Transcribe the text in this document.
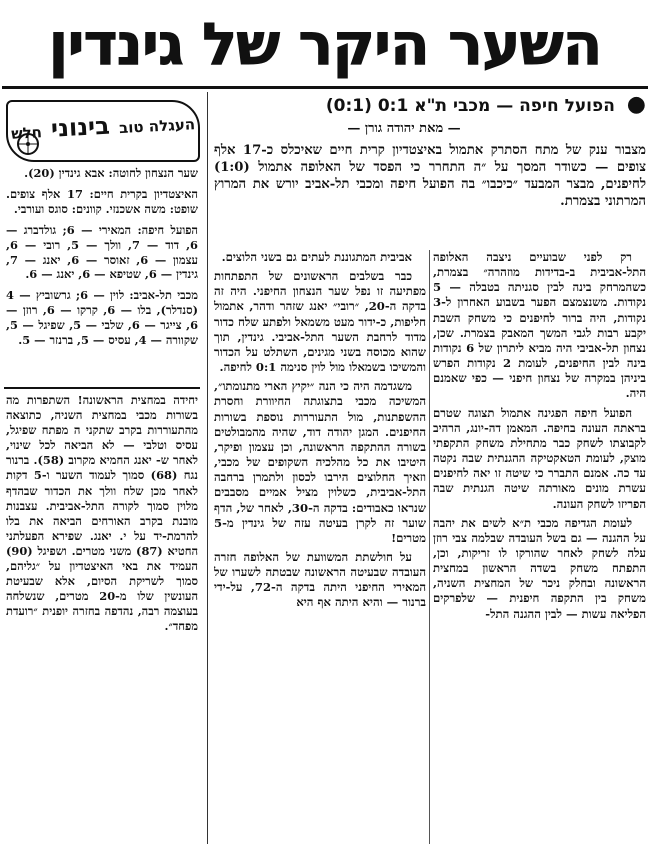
השער היקר של גינדין
העגלה טוב בינוני חלש

שער הנצחון לחוטה: אבא גינדין (20).

האיצטדיון בקרית חיים: 17 אלף צופים. שופט: משה אשכנזי. קוונים: סוגס ועורבי.

הפועל חיפה: המאירי — 6; גולדברג — 6, דוד — 7, וולך — 5, רובי — 6, עצמון — 6, זאוסר — 6, יאנג — 7, גינדין — 6, שטיפא — 6, יאנג — 6.

מכבי תל-אביב: לוין — 6; גרשוביץ — 4 (סנדלר), בלו — 6, קרקו — 6, רוזן — 6, צייגר — 6, שלבי — 5, שפיגל — 5, שקוורה — 4, עסיס — 5, ברנזר — 5.

יחידה במחצית הראשונה! השתפרות מה בשורות מכבי במחצית השניה, כתוצאה מהתעוררות בקרב שתקני ה מפתח שפיגל, עסיס וטלבי — לא הביאה לכל שינוי, לאחר ש- יאנג החמיא מקרוב (58). ברנור נגח (68) סמוך לעמוד השער ו-5 דקות לאחר מכן שלח וולך את הכדור שבהדף מלוין סמוך לקורה התל-אביבית. עצבנות מובנת בקרב האורחים הביאה את בלו להרמת-יד על י. יאנג. שפירא הפעלתני החטיא (87) משני מטרים. ושפיגל (90) העמיד את באי האיצטדיון על ״גליהם, סמוך לשריקת הסיום, אלא שבעיטת העונשין שלו מ-20 מטרים, שנשלחה בעוצמה רבה, נהדפה בחזרה יופנית ״רועדת מפחד״.

● הפועל חיפה — מכבי ת"א 0:1 (0:1)
— מאת יהודה גורן —
מצבור ענק של מתח הסתרק אתמול באיצטדיון קרית חיים שאיכלס כ-17 אלף צופים — כשודר המסך על ״ה התחרר כי הפסד של האלופה אתמול (1:0) לחיפנים, מבצר המבעד ״כיכבו״ בה הפועל חיפה ומכבי תל-אביב יורש את המרוץ המרתוני בצמרת.

רק לפני שבועיים ניצבה האלופה התל-אביבית ב-בדידות מוזהרה״ בצמרת, כשהמרחק בינה לבין סגניתה בטבלה — 5 נקודות. משנצמצם הפער בשבוע האחרון ל-3 נקודות, היה ברור לחיפנים כי משחק השבת יקבע רבות לגבי המשך המאבק בצמרת. שכן, נצחון תל-אביבי היה מביא ליתרון של 6 נקודות בינה לבין החיפנים, לעומת 2 נקודות הפרש ביניהן במקרה של נצחון חיפני — כפי שאמנם היה.

הפועל חיפה הפגינה אתמול תצוגה שטרם בראתה העונה בחיפה. המאמן דה-יונג, הרהיב לקבוצתו לשחק כבר מתחילת משחק התקפתי מוצק, לעומת הטאקטיקה ההגנתית שבה נקטה עד כה. אמנם התברר כי שיטה זו יאה לחיפנים עשרת מונים מאורתה שיטה הגנתית שבה הפריזו לשחק העונה.

לעומת הגדיפה מכבי ת״א לשים את יהבה על ההגנה — גם בשל העובדה שבלמה צבי רוזן עלה לשחק לאחר שהורקו לו זריקות, וכן, התפתח משחק בשדה הראשון במחצית הראשונה ובחלק ניכר של המחצית השניה, משחק בין התקפה חיפנית — שלפרקים הפליאה עשות — לבין ההגנה התל-

אביבית המתגוננת לעתים גם בשני הלוצים.

כבר בשלבים הראשונים של התפתחות מפתיעה זו נפל שער הנצחון החיפני. היה זה בדקה ה-20, ״רובי״ יאנג שזהר ודהר, אתמול חליפות, כ-ידור מעט משמאל ולפתע שלח כדור מדוד לרחבת השער התל-אביבי. גינדין, תוך שהוא מכוסה בשני מגינים, השתלט על הכדור והמשיכו בשמאלו מול לוין סנימה 0:1 לחיפה.

משגדמה היה כי הנה ״יקיץ הארי מתנומתו״, המשיכה מכבי בתצוגתה החיוורת וחסרת ההשפתנות, מול התעוררות נוספת בשורות החיפנים. המגן יהודה דוד, שהיה מהמבולטים בשורה ההתקפה הראשונה, וכן עצמון ופיקר, היטיבו את כל מהלכיה השקופים של מכבי, וזאיך החלוצים הירבו לכסון ולתמרן ברחבה התל-אביבית, כשלוין מציל אמיים מסבבים שנראו כאבודים: בדקה ה-30, לאחר של, הדף שוער זה לקרן בעיטה עזה של גינדין מ-5 מטרים!

על חולשתת המשוועת של האלופה חזרה העובדה שבעיטה הראשונה שבטתה לשערו של המאירי החיפני היתה בדקה ה-72, על-ידי ברנור — והיא היתה אף היא
